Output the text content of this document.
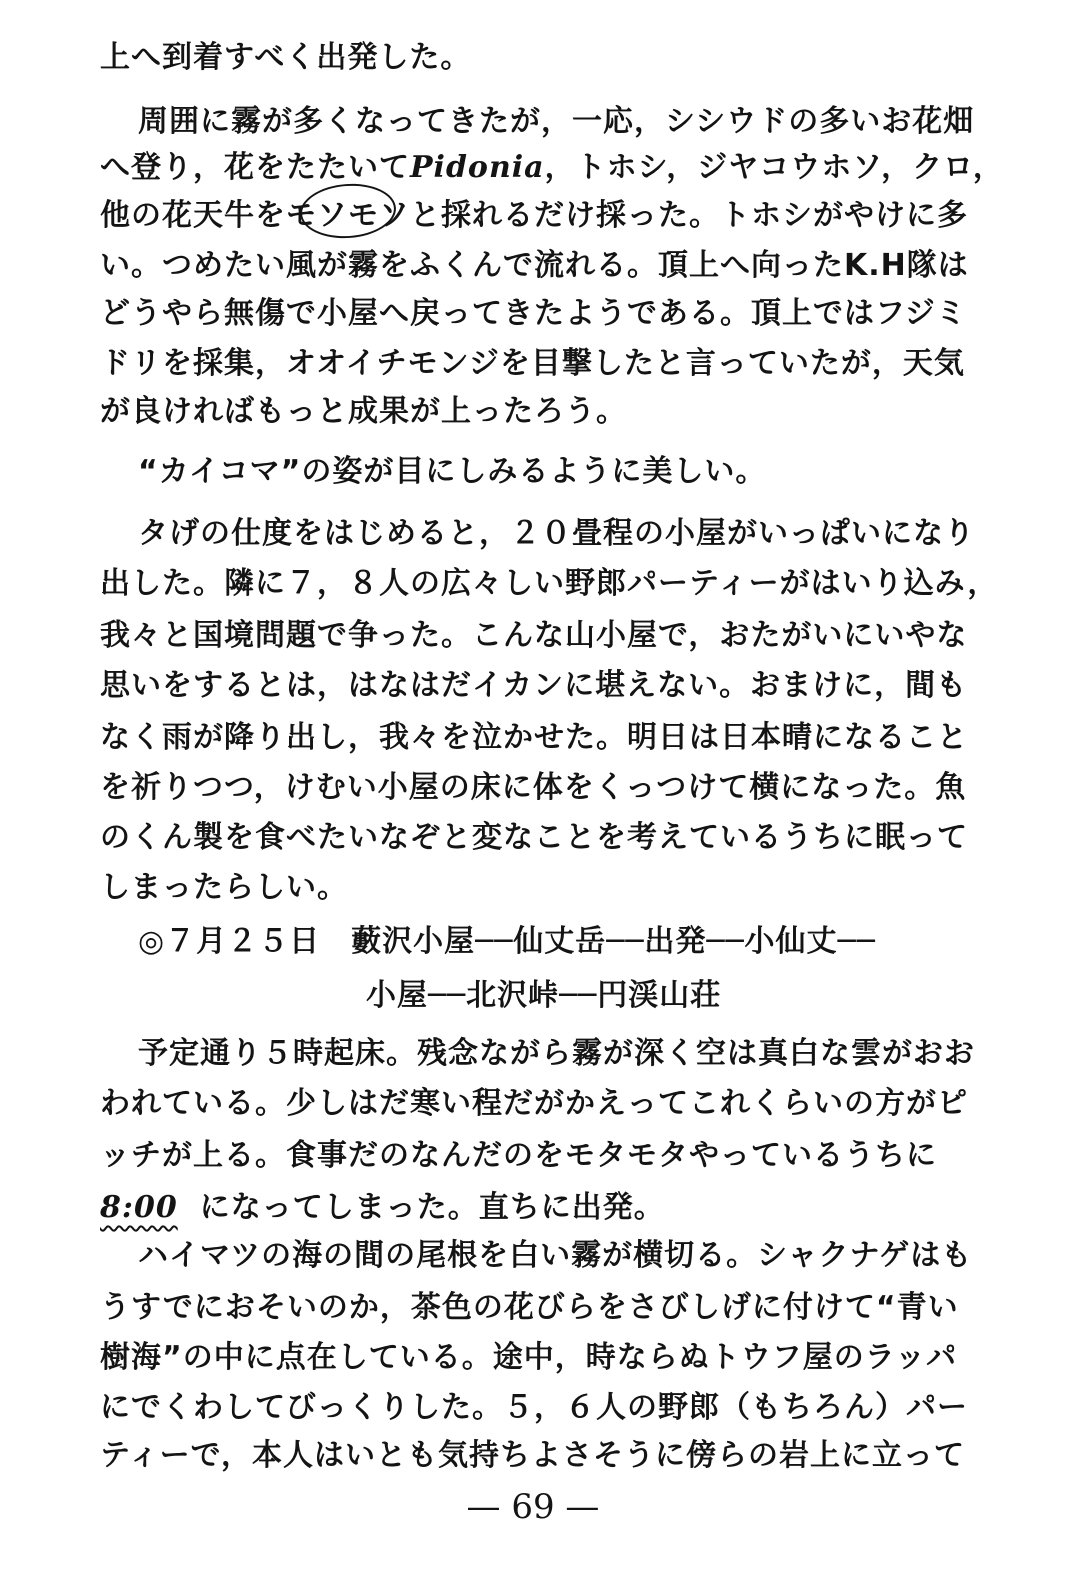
上へ到着すべく出発した。
周囲に霧が多くなってきたが，一応，シシウドの多いお花畑
へ登り，花をたたいてPidonia，トホシ，ジヤコウホソ，クロ，
他の花天牛をモソモソと採れるだけ採った。トホシがやけに多
い。つめたい風が霧をふくんで流れる。頂上へ向ったK.H隊は
どうやら無傷で小屋へ戻ってきたようである。頂上ではフジミ
ドリを採集，オオイチモンジを目撃したと言っていたが，天気
が良ければもっと成果が上ったろう。
“カイコマ”の姿が目にしみるように美しい。
タげの仕度をはじめると，２０畳程の小屋がいっぱいになり
出した。隣に７，８人の広々しい野郎パーティーがはいり込み，
我々と国境問題で争った。こんな山小屋で，おたがいにいやな
思いをするとは，はなはだイカンに堪えない。おまけに，間も
なく雨が降り出し，我々を泣かせた。明日は日本晴になること
を祈りつつ，けむい小屋の床に体をくっつけて横になった。魚
のくん製を食べたいなぞと変なことを考えているうちに眠って
しまったらしい。
◎７月２５日　藪沢小屋──仙丈岳──出発──小仙丈──
小屋──北沢峠──円渓山荘
予定通り５時起床。残念ながら霧が深く空は真白な雲がおお
われている。少しはだ寒い程だがかえってこれくらいの方がピ
ッチが上る。食事だのなんだのをモタモタやっているうちに
8:00 になってしまった。直ちに出発。
ハイマツの海の間の尾根を白い霧が横切る。シャクナゲはも
うすでにおそいのか，茶色の花びらをさびしげに付けて“青い
樹海”の中に点在している。途中，時ならぬトウフ屋のラッパ
にでくわしてびっくりした。５，６人の野郎（もちろん）パー
ティーで，本人はいとも気持ちよさそうに傍らの岩上に立って
— 69 —
